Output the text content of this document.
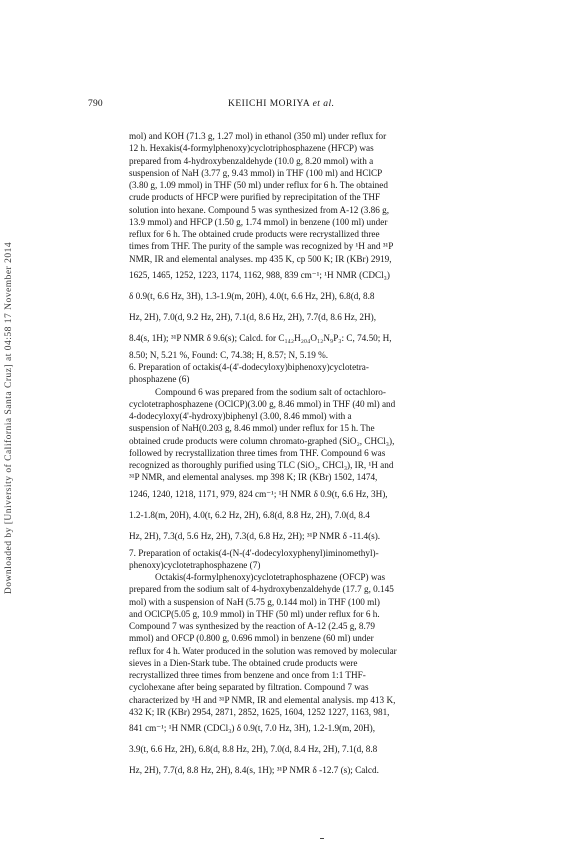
790	KEIICHI MORIYA et al.
Downloaded by [University of California Santa Cruz] at 04:58 17 November 2014
mol) and KOH (71.3 g, 1.27 mol) in ethanol (350 ml) under reflux for
12 h. Hexakis(4-formylphenoxy)cyclotriphosphazene (HFCP) was
prepared from 4-hydroxybenzaldehyde (10.0 g, 8.20 mmol) with a
suspension of NaH (3.77 g, 9.43 mmol) in THF (100 ml) and HClCP
(3.80 g, 1.09 mmol) in THF (50 ml) under reflux for 6 h. The obtained
crude products of HFCP were purified by reprecipitation of the THF
solution into hexane. Compound 5 was synthesized from A-12 (3.86 g,
13.9 mmol) and HFCP (1.50 g, 1.74 mmol) in benzene (100 ml) under
reflux for 6 h. The obtained crude products were recrystallized three
times from THF. The purity of the sample was recognized by ¹H and ³¹P
NMR, IR and elemental analyses. mp 435 K, cp 500 K; IR (KBr) 2919,
1625, 1465, 1252, 1223, 1174, 1162, 988, 839 cm⁻¹; ¹H NMR (CDCl₃)
δ 0.9(t, 6.6 Hz, 3H), 1.3-1.9(m, 20H), 4.0(t, 6.6 Hz, 2H), 6.8(d, 8.8
Hz, 2H), 7.0(d, 9.2 Hz, 2H), 7.1(d, 8.6 Hz, 2H), 7.7(d, 8.6 Hz, 2H),
8.4(s, 1H); ³¹P NMR δ 9.6(s); Calcd. for C₁₄₂H₂₀₄O₁₂N₉P₃: C, 74.50; H,
8.50; N, 5.21 %, Found: C, 74.38; H, 8.57; N, 5.19 %.
6. Preparation of octakis(4-(4'-dodecyloxy)biphenoxy)cyclotetra-
phosphazene (6)
Compound 6 was prepared from the sodium salt of octachloro-
cyclotetraphosphazene (OClCP)(3.00 g, 8.46 mmol) in THF (40 ml) and
4-dodecyloxy(4'-hydroxy)biphenyl (3.00, 8.46 mmol) with a
suspension of NaH(0.203 g, 8.46 mmol) under reflux for 15 h. The
obtained crude products were column chromato-graphed (SiO₂, CHCl₃),
followed by recrystallization three times from THF. Compound 6 was
recognized as thoroughly purified using TLC (SiO₂, CHCl₃), IR, ¹H and
³¹P NMR, and elemental analyses. mp 398 K; IR (KBr) 1502, 1474,
1246, 1240, 1218, 1171, 979, 824 cm⁻¹; ¹H NMR δ 0.9(t, 6.6 Hz, 3H),
1.2-1.8(m, 20H), 4.0(t, 6.2 Hz, 2H), 6.8(d, 8.8 Hz, 2H), 7.0(d, 8.4
Hz, 2H), 7.3(d, 5.6 Hz, 2H), 7.3(d, 6.8 Hz, 2H); ³¹P NMR δ -11.4(s).
7. Preparation of octakis(4-(N-(4'-dodecyloxyphenyl)iminomethyl)-
phenoxy)cyclotetraphosphazene (7)
Octakis(4-formylphenoxy)cyclotetraphosphazene (OFCP) was
prepared from the sodium salt of 4-hydroxybenzaldehyde (17.7 g, 0.145
mol) with a suspension of NaH (5.75 g, 0.144 mol) in THF (100 ml)
and OClCP(5.05 g, 10.9 mmol) in THF (50 ml) under reflux for 6 h.
Compound 7 was synthesized by the reaction of A-12 (2.45 g, 8.79
mmol) and OFCP (0.800 g, 0.696 mmol) in benzene (60 ml) under
reflux for 4 h. Water produced in the solution was removed by molecular
sieves in a Dien-Stark tube. The obtained crude products were
recrystallized three times from benzene and once from 1:1 THF-
cyclohexane after being separated by filtration. Compound 7 was
characterized by ¹H and ³¹P NMR, IR and elemental analysis. mp 413 K,
432 K; IR (KBr) 2954, 2871, 2852, 1625, 1604, 1252 1227, 1163, 981,
841 cm⁻¹; ¹H NMR (CDCl₃) δ 0.9(t, 7.0 Hz, 3H), 1.2-1.9(m, 20H),
3.9(t, 6.6 Hz, 2H), 6.8(d, 8.8 Hz, 2H), 7.0(d, 8.4 Hz, 2H), 7.1(d, 8.8
Hz, 2H), 7.7(d, 8.8 Hz, 2H), 8.4(s, 1H); ³¹P NMR δ -12.7 (s); Calcd.
